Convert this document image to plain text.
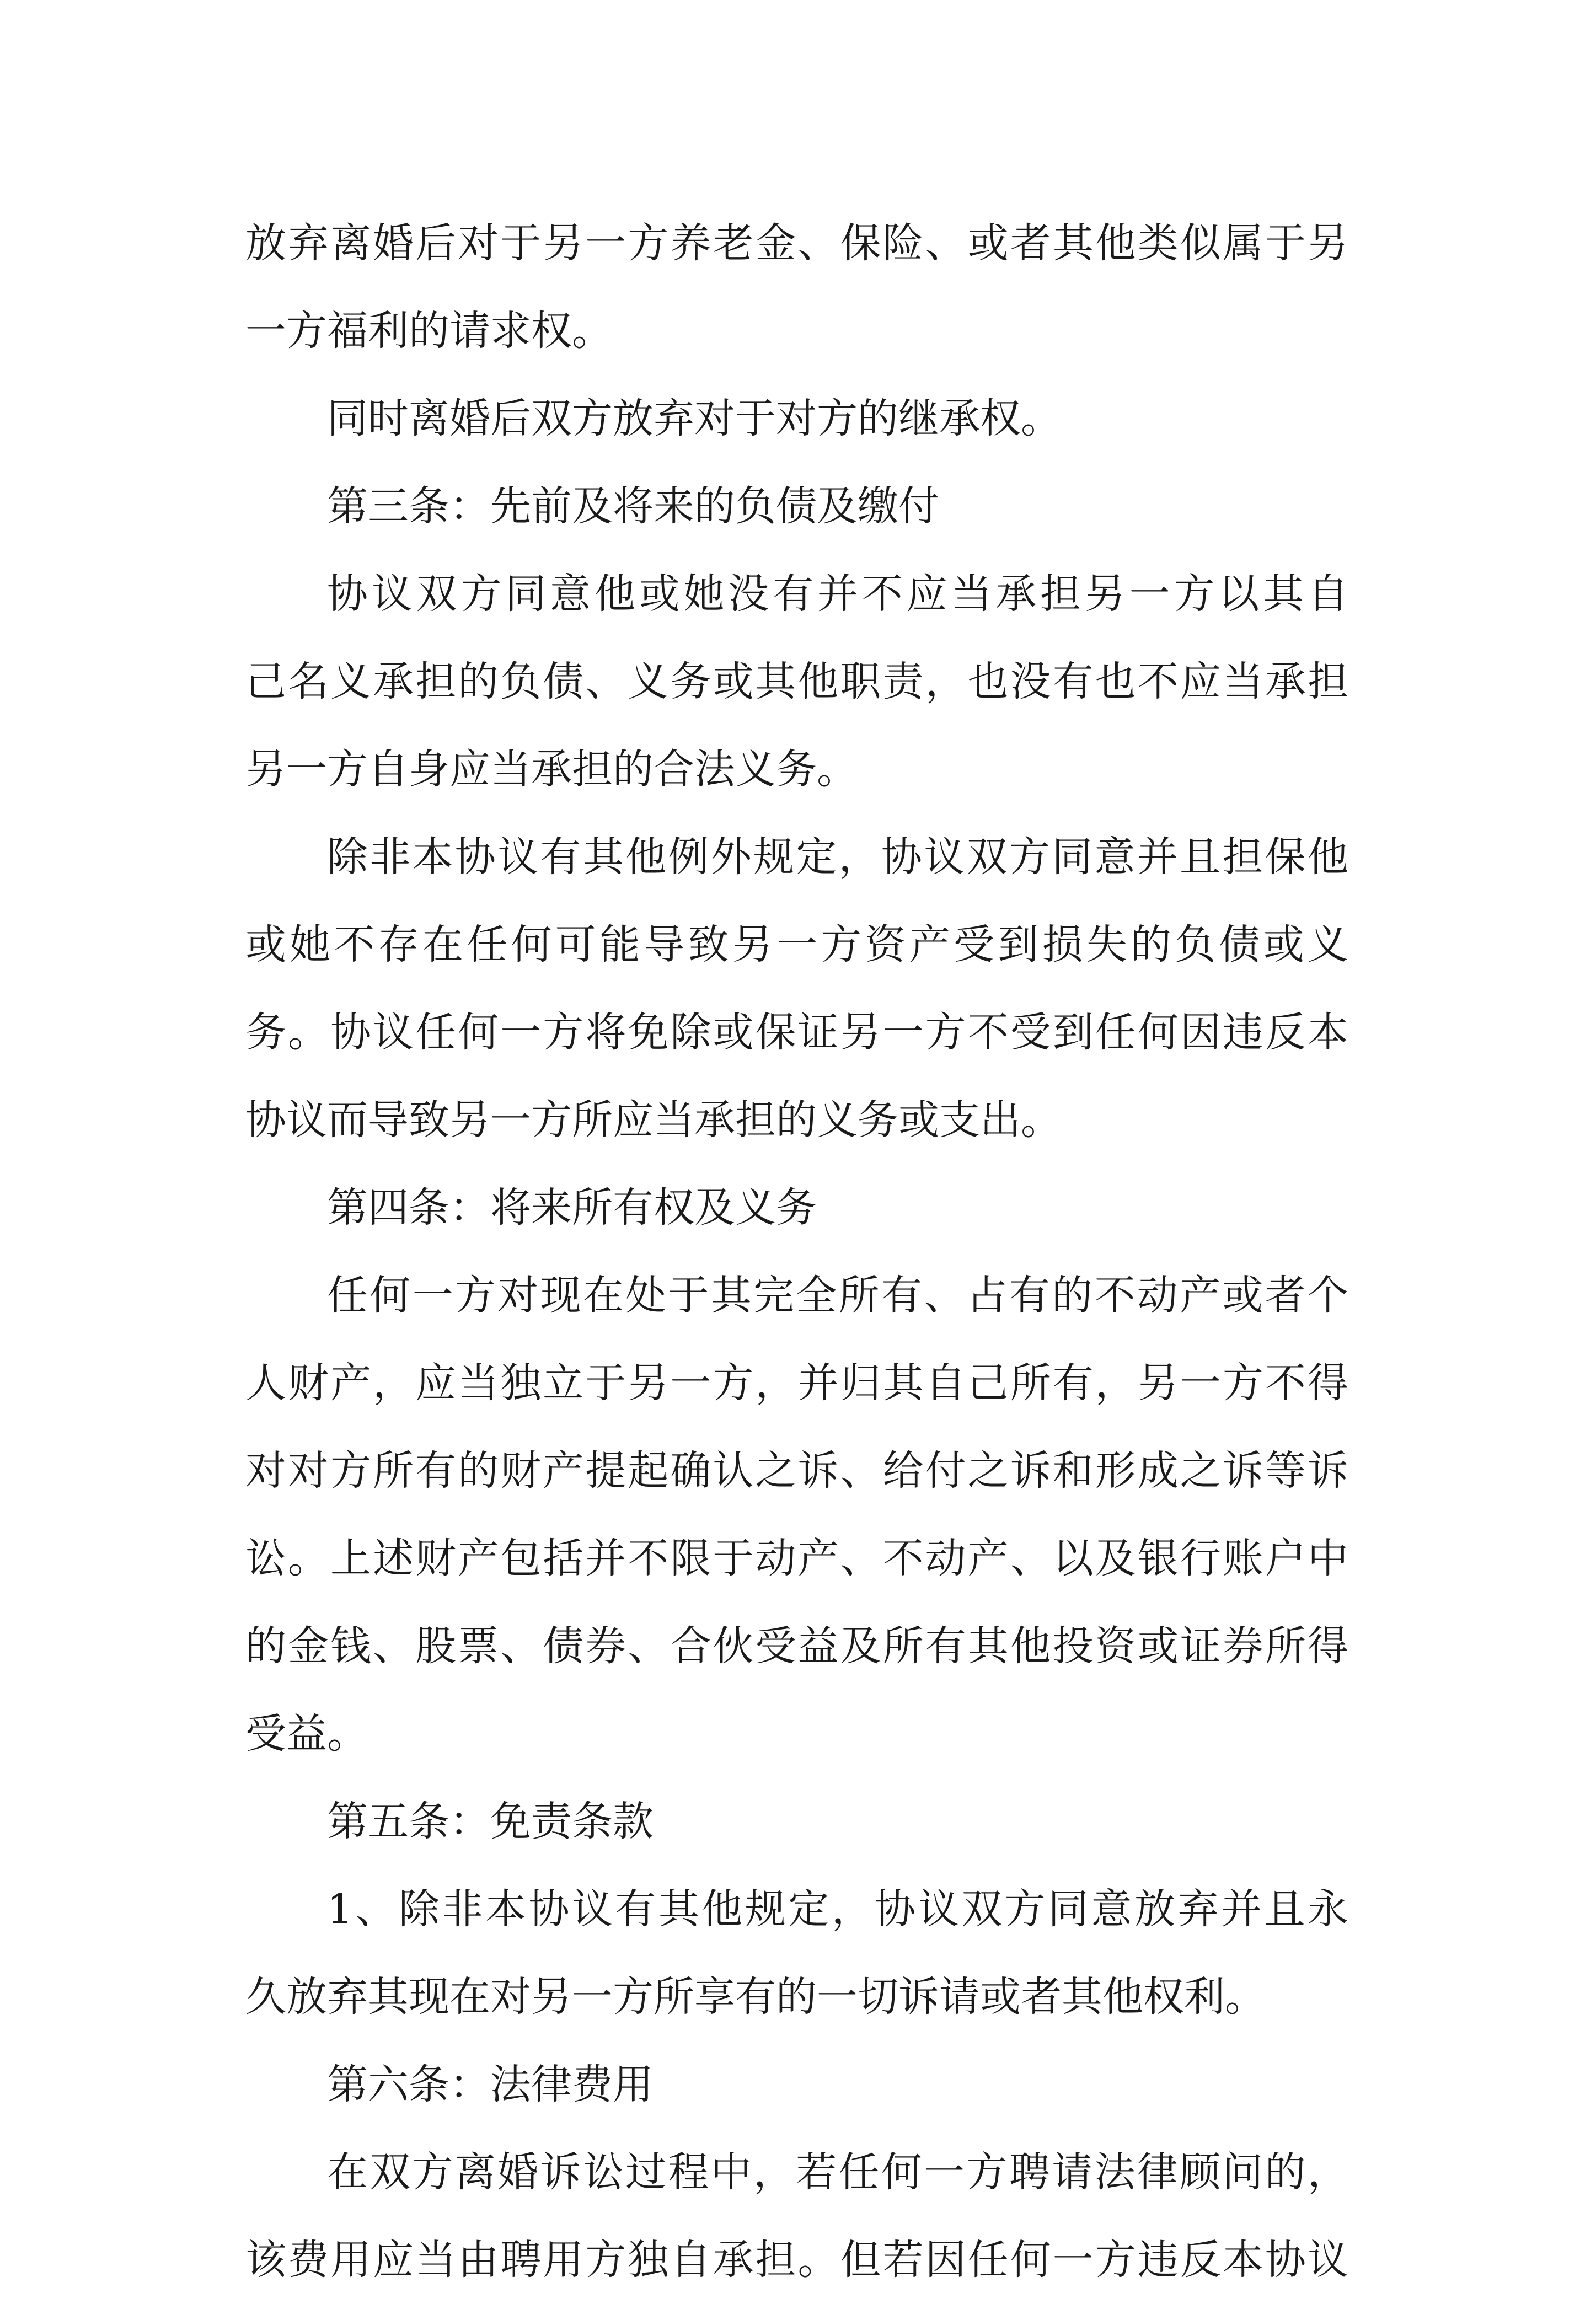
放弃离婚后对于另一方养老金、保险、或者其他类似属于另
一方福利的请求权。
同时离婚后双方放弃对于对方的继承权。
第三条：先前及将来的负债及缴付
协议双方同意他或她没有并不应当承担另一方以其自
己名义承担的负债、义务或其他职责，也没有也不应当承担
另一方自身应当承担的合法义务。
除非本协议有其他例外规定，协议双方同意并且担保他
或她不存在任何可能导致另一方资产受到损失的负债或义
务。协议任何一方将免除或保证另一方不受到任何因违反本
协议而导致另一方所应当承担的义务或支出。
第四条：将来所有权及义务
任何一方对现在处于其完全所有、占有的不动产或者个
人财产，应当独立于另一方，并归其自己所有，另一方不得
对对方所有的财产提起确认之诉、给付之诉和形成之诉等诉
讼。上述财产包括并不限于动产、不动产、以及银行账户中
的金钱、股票、债券、合伙受益及所有其他投资或证券所得
受益。
第五条：免责条款
1、除非本协议有其他规定，协议双方同意放弃并且永
久放弃其现在对另一方所享有的一切诉请或者其他权利。
第六条：法律费用
在双方离婚诉讼过程中，若任何一方聘请法律顾问的，
该费用应当由聘用方独自承担。但若因任何一方违反本协议
